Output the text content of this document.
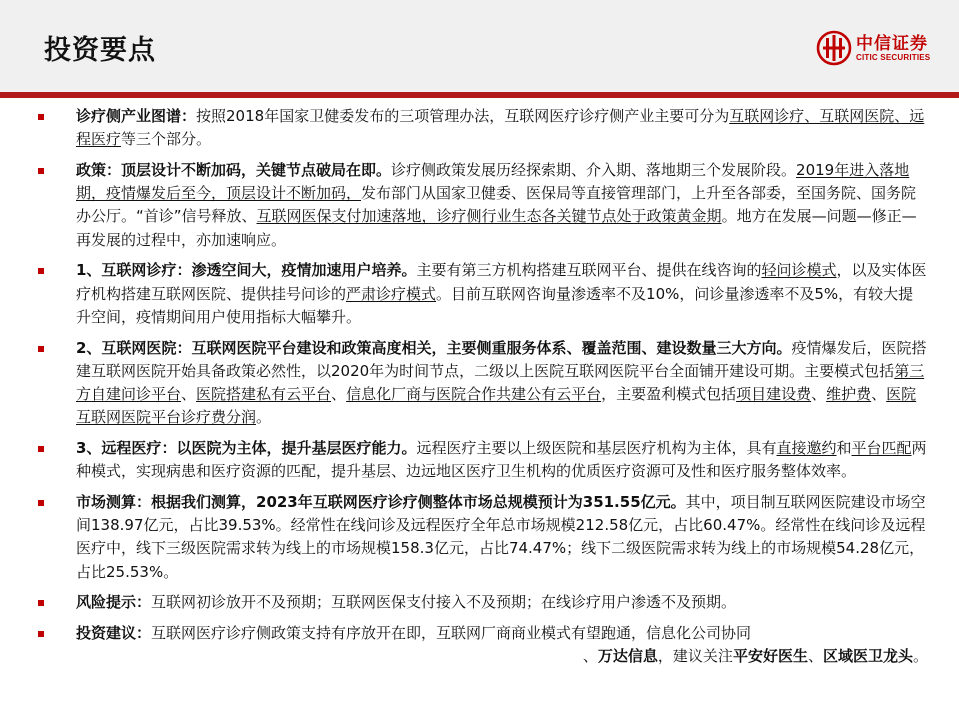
投资要点	中信证券
CITIC SECURITIES
诊疗侧产业图谱：按照2018年国家卫健委发布的三项管理办法，互联网医疗诊疗侧产业主要可分为互联网诊疗、互联网医院、远程医疗等三个部分。
政策：顶层设计不断加码，关键节点破局在即。诊疗侧政策发展历经探索期、介入期、落地期三个发展阶段。2019年进入落地期，疫情爆发后至今，顶层设计不断加码，发布部门从国家卫健委、医保局等直接管理部门，上升至各部委，至国务院、国务院办公厅。“首诊”信号释放、互联网医保支付加速落地，诊疗侧行业生态各关键节点处于政策黄金期。地方在发展—问题—修正—再发展的过程中，亦加速响应。
1、互联网诊疗：渗透空间大，疫情加速用户培养。主要有第三方机构搭建互联网平台、提供在线咨询的轻问诊模式，以及实体医疗机构搭建互联网医院、提供挂号问诊的严肃诊疗模式。目前互联网咨询量渗透率不及10%，问诊量渗透率不及5%，有较大提升空间，疫情期间用户使用指标大幅攀升。
2、互联网医院：互联网医院平台建设和政策高度相关，主要侧重服务体系、覆盖范围、建设数量三大方向。疫情爆发后，医院搭建互联网医院开始具备政策必然性，以2020年为时间节点，二级以上医院互联网医院平台全面铺开建设可期。主要模式包括第三方自建问诊平台、医院搭建私有云平台、信息化厂商与医院合作共建公有云平台，主要盈利模式包括项目建设费、维护费、医院互联网医院平台诊疗费分润。
3、远程医疗：以医院为主体，提升基层医疗能力。远程医疗主要以上级医院和基层医疗机构为主体，具有直接邀约和平台匹配两种模式，实现病患和医疗资源的匹配，提升基层、边远地区医疗卫生机构的优质医疗资源可及性和医疗服务整体效率。
市场测算：根据我们测算，2023年互联网医疗诊疗侧整体市场总规模预计为351.55亿元。其中，项目制互联网医院建设市场空间138.97亿元，占比39.53%。经常性在线问诊及远程医疗全年总市场规模212.58亿元，占比60.47%。经常性在线问诊及远程医疗中，线下三级医院需求转为线上的市场规模158.3亿元，占比74.47%；线下二级医院需求转为线上的市场规模54.28亿元，占比25.53%。
风险提示：互联网初诊放开不及预期；互联网医保支付接入不及预期；在线诊疗用户渗透不及预期。
投资建议：互联网医疗诊疗侧政策支持有序放开在即，互联网厂商商业模式有望跑通，信息化公司协同
、万达信息，建议关注平安好医生、区域医卫龙头。
